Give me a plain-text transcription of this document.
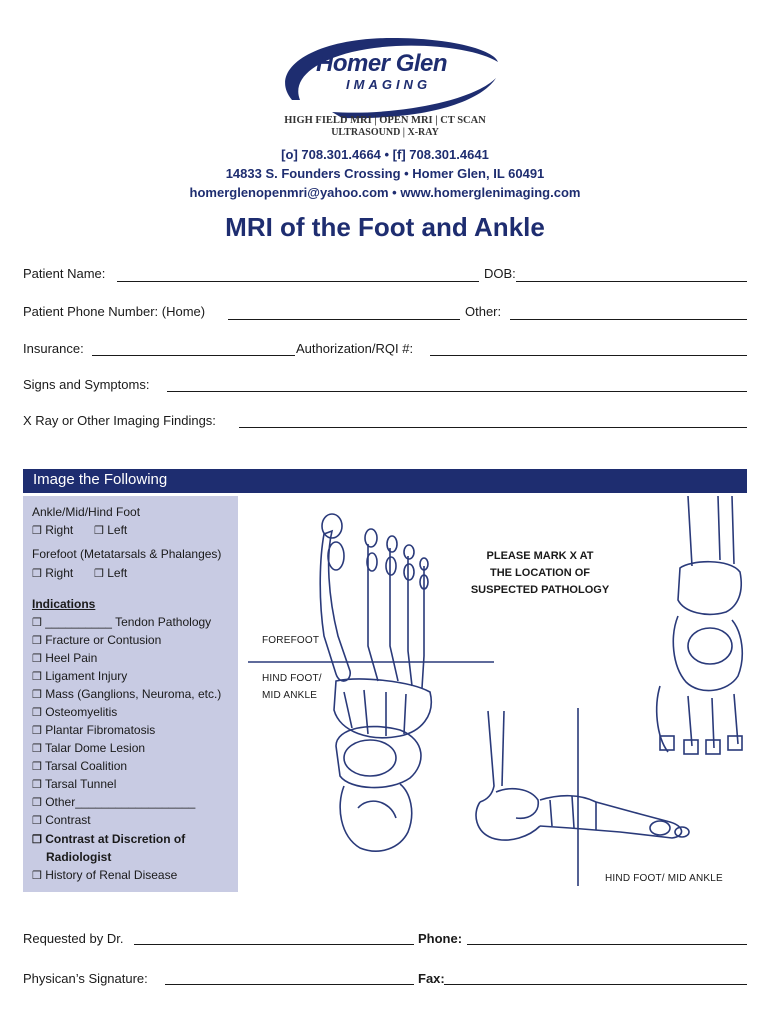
Homer Glen
IMAGING
HIGH FIELD MRI | OPEN MRI | CT SCAN
ULTRASOUND | X-RAY
[o] 708.301.4664 • [f] 708.301.4641
14833 S. Founders Crossing • Homer Glen, IL 60491
homerglenopenmri@yahoo.com • www.homerglenimaging.com
MRI of the Foot and Ankle
Patient Name:	DOB:
Patient Phone Number: (Home)	Other:
Insurance:	Authorization/RQI #:
Signs and Symptoms:
X Ray or Other Imaging Findings:
Image the Following
Ankle/Mid/Hind Foot
❒ Right ❒ Left
Forefoot (Metatarsals & Phalanges)
❒ Right ❒ Left
Indications
❒ __________ Tendon Pathology
❒ Fracture or Contusion
❒ Heel Pain
❒ Ligament Injury
❒ Mass (Ganglions, Neuroma, etc.)
❒ Osteomyelitis
❒ Plantar Fibromatosis
❒ Talar Dome Lesion
❒ Tarsal Coalition
❒ Tarsal Tunnel
❒ Other__________________
❒ Contrast
❒ Contrast at Discretion of
Radiologist
❒ History of Renal Disease
FOREFOOT
HIND FOOT/
MID ANKLE
PLEASE MARK X AT
THE LOCATION OF
SUSPECTED PATHOLOGY
HIND FOOT/ MID ANKLE
Requested by Dr.	Phone:
Physican’s Signature:	Fax:
